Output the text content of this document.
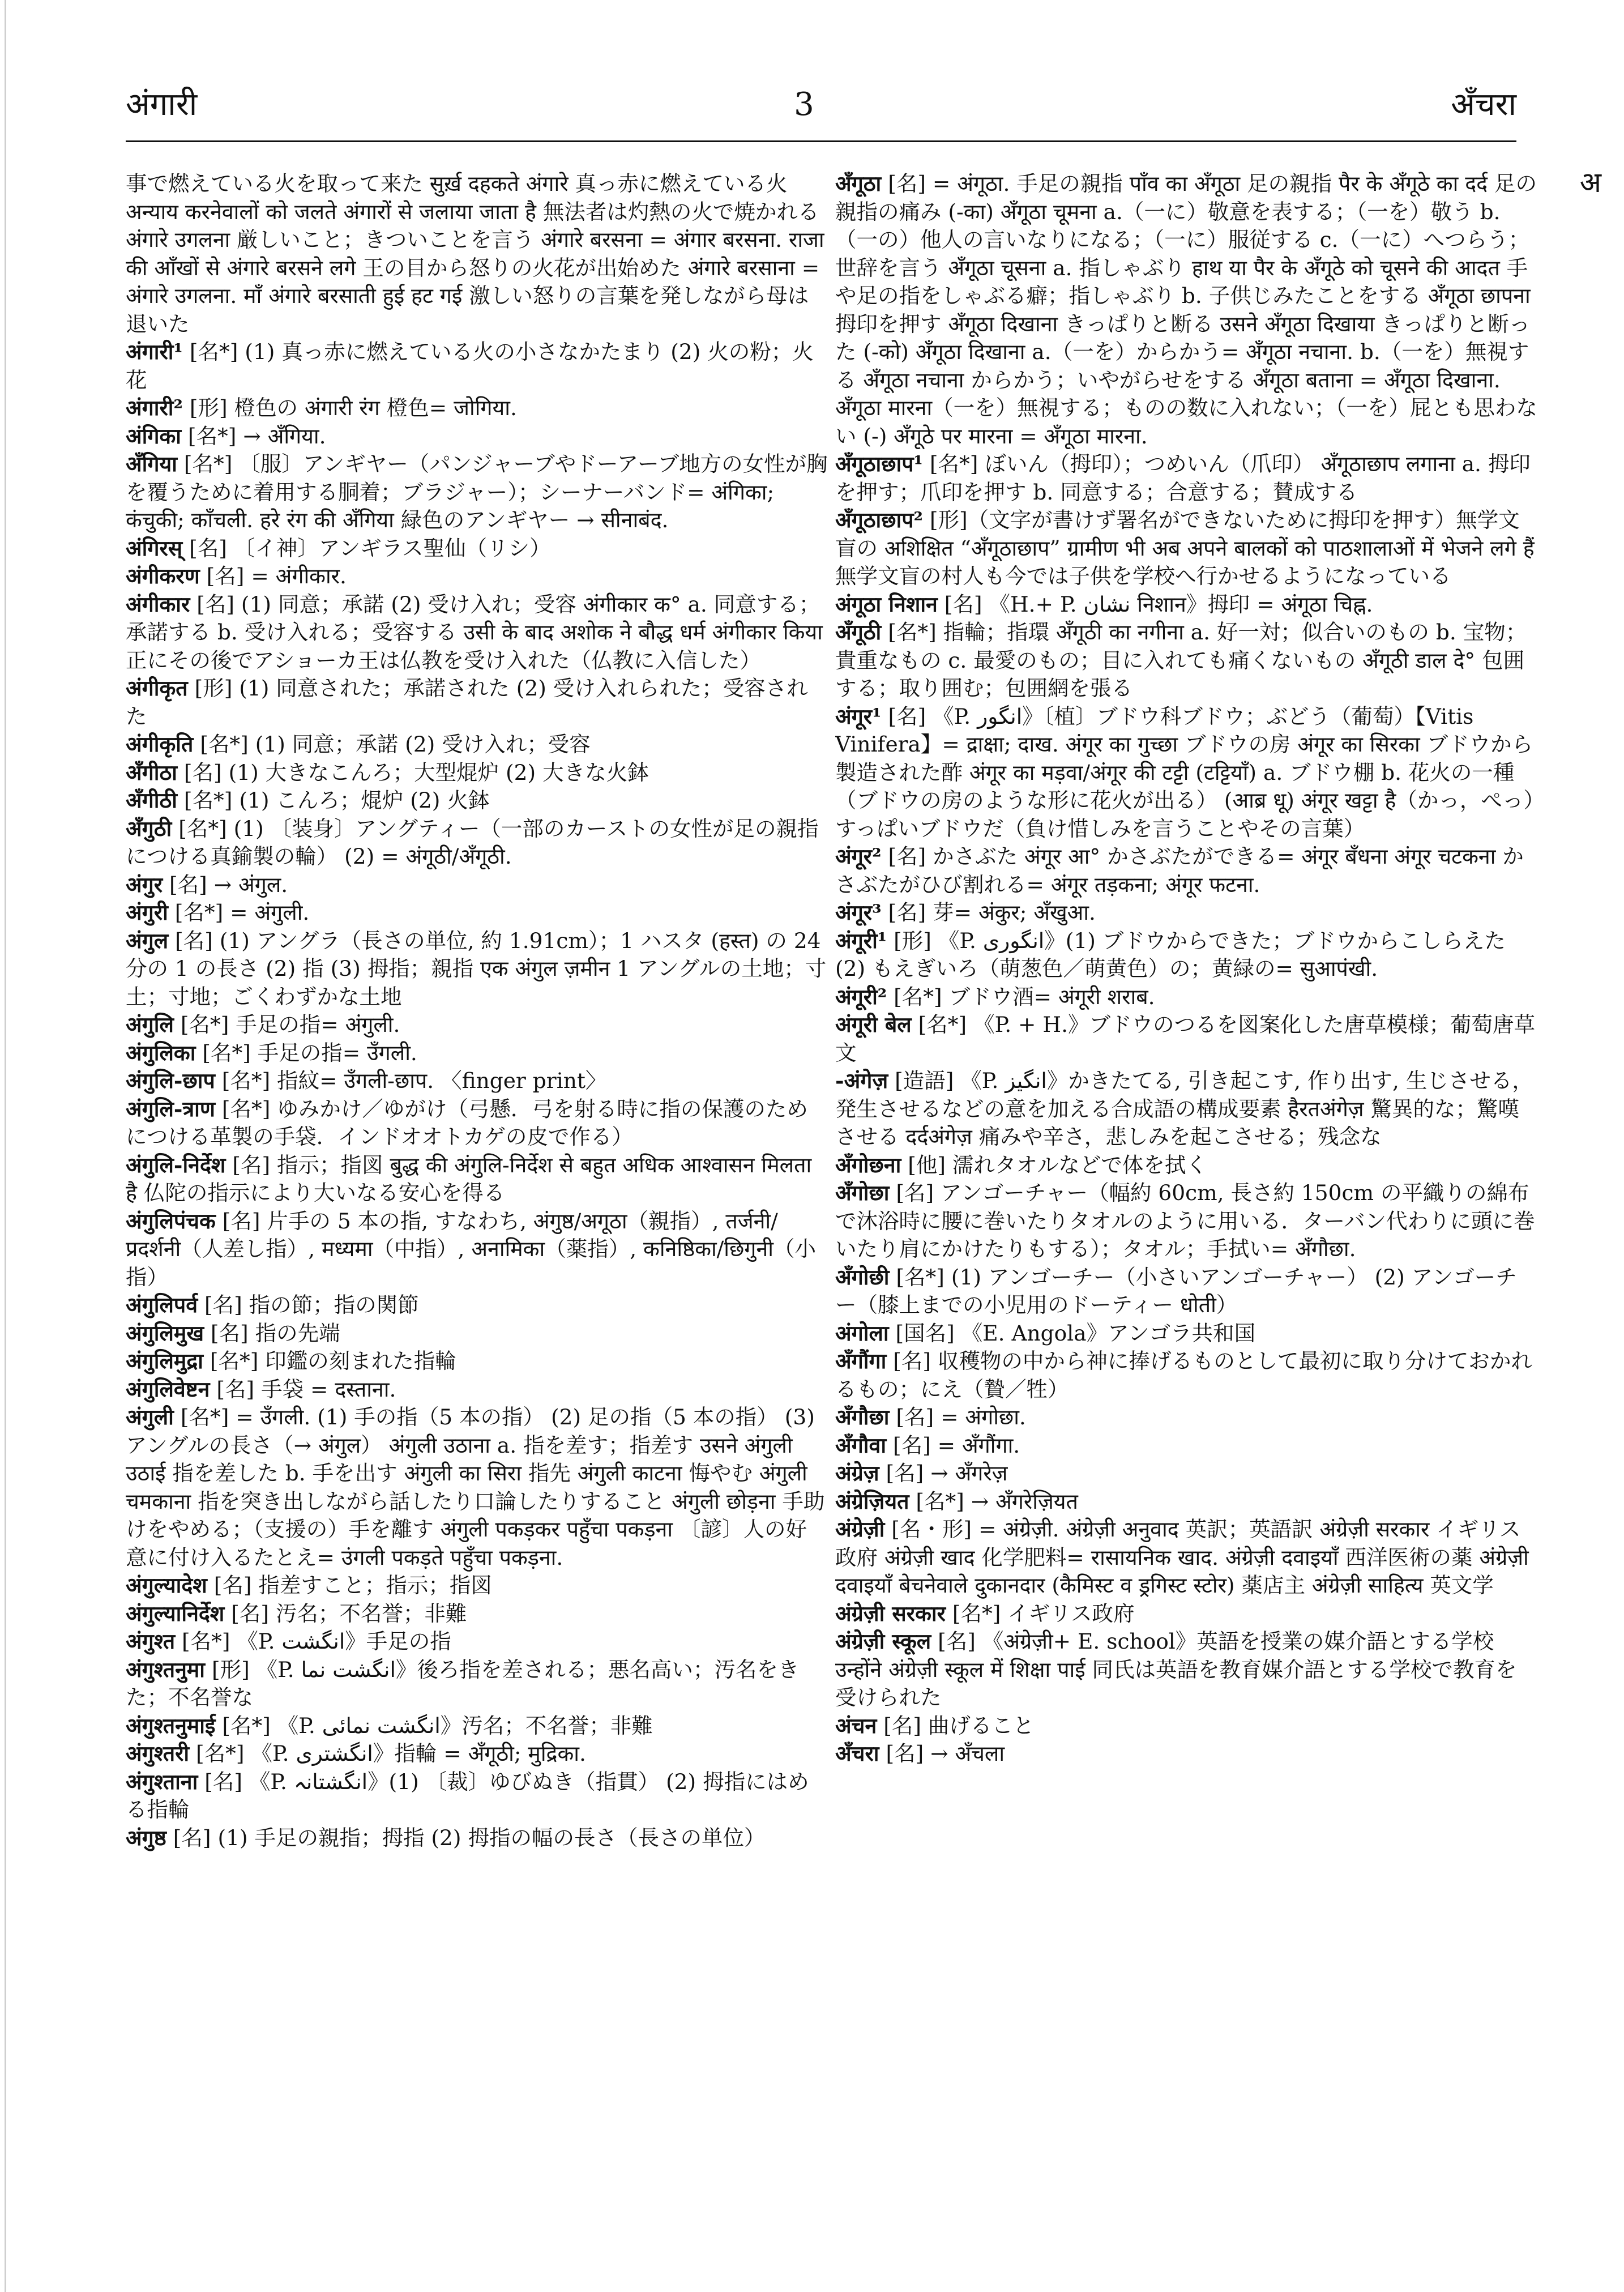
अंगारी	3	अँचरा
अ

事で燃えている火を取って来た सुर्ख़ दहकते अंगारे 真っ赤に燃えている火 अन्याय करनेवालों को जलते अंगारों से जलाया जाता है 無法者は灼熱の火で焼かれる अंगारे उगलना 厳しいこと；きついことを言う अंगारे बरसना = अंगार बरसना. राजा की आँखों से अंगारे बरसने लगे 王の目から怒りの火花が出始めた अंगारे बरसाना = अंगारे उगलना. माँ अंगारे बरसाती हुई हट गई 激しい怒りの言葉を発しながら母は退いた

अंगारी¹ [名*] (1) 真っ赤に燃えている火の小さなかたまり (2) 火の粉；火花

अंगारी² [形] 橙色の अंगारी रंग 橙色= जोगिया.

अंगिका [名*] → अँगिया.

अँगिया [名*] 〔服〕アンギヤー（パンジャーブやドーアーブ地方の女性が胸を覆うために着用する胴着；ブラジャー）；シーナーバンド= अंगिका; कंचुकी; काँचली. हरे रंग की अँगिया 緑色のアンギヤー → सीनाबंद.

अंगिरस् [名] 〔イ神〕アンギラス聖仙（リシ）

अंगीकरण [名] = अंगीकार.

अंगीकार [名] (1) 同意；承諾 (2) 受け入れ；受容 अंगीकार क° a. 同意する；承諾する b. 受け入れる；受容する उसी के बाद अशोक ने बौद्ध धर्म अंगीकार किया 正にその後でアショーカ王は仏教を受け入れた（仏教に入信した）

अंगीकृत [形] (1) 同意された；承諾された (2) 受け入れられた；受容された

अंगीकृति [名*] (1) 同意；承諾 (2) 受け入れ；受容

अँगीठा [名] (1) 大きなこんろ；大型焜炉 (2) 大きな火鉢

अँगीठी [名*] (1) こんろ；焜炉 (2) 火鉢

अँगुठी [名*] (1) 〔装身〕アングティー（一部のカーストの女性が足の親指につける真鍮製の輪） (2) = अंगूठी/अँगूठी.

अंगुर [名] → अंगुल.

अंगुरी [名*] = अंगुली.

अंगुल [名] (1) アングラ（長さの単位, 約 1.91cm）；1 ハスタ (हस्त) の 24 分の 1 の長さ (2) 指 (3) 拇指；親指 एक अंगुल ज़मीन 1 アングルの土地；寸土；寸地；ごくわずかな土地

अंगुलि [名*] 手足の指= अंगुली.

अंगुलिका [名*] 手足の指= उँगली.

अंगुलि-छाप [名*] 指紋= उँगली-छाप. 〈finger print〉

अंगुलि-त्राण [名*] ゆみかけ／ゆがけ（弓懸．弓を射る時に指の保護のためにつける革製の手袋．インドオオトカゲの皮で作る）

अंगुलि-निर्देश [名] 指示；指図 बुद्ध की अंगुलि-निर्देश से बहुत अधिक आश्वासन मिलता है 仏陀の指示により大いなる安心を得る

अंगुलिपंचक [名] 片手の 5 本の指, すなわち, अंगुष्ठ/अगूठा（親指）, तर्जनी/प्रदर्शनी（人差し指）, मध्यमा（中指）, अनामिका（薬指）, कनिष्ठिका/छिगुनी（小指）

अंगुलिपर्व [名] 指の節；指の関節

अंगुलिमुख [名] 指の先端

अंगुलिमुद्रा [名*] 印鑑の刻まれた指輪

अंगुलिवेष्टन [名] 手袋 = दस्ताना.

अंगुली [名*] = उँगली. (1) 手の指（5 本の指） (2) 足の指（5 本の指） (3) アングルの長さ（→ अंगुल） अंगुली उठाना a. 指を差す；指差す उसने अंगुली उठाई 指を差した b. 手を出す अंगुली का सिरा 指先 अंगुली काटना 悔やむ अंगुली चमकाना 指を突き出しながら話したり口論したりすること अंगुली छोड़ना 手助けをやめる；（支援の）手を離す अंगुली पकड़कर पहुँचा पकड़ना 〔諺〕人の好意に付け入るたとえ= उंगली पकड़ते पहुँचा पकड़ना.

अंगुल्यादेश [名] 指差すこと；指示；指図

अंगुल्यानिर्देश [名] 汚名；不名誉；非難

अंगुश्त [名*] 《P. انگشت》手足の指

अंगुश्तनुमा [形] 《P. انگشت نما》後ろ指を差される；悪名高い；汚名をきた；不名誉な

अंगुश्तनुमाई [名*] 《P. انگشت نمائی》汚名；不名誉；非難

अंगुश्तरी [名*] 《P. انگشتری》指輪 = अँगूठी; मुद्रिका.

अंगुश्ताना [名] 《P. انگشتانہ》(1) 〔裁〕ゆびぬき（指貫） (2) 拇指にはめる指輪

अंगुष्ठ [名] (1) 手足の親指；拇指 (2) 拇指の幅の長さ（長さの単位）

अँगूठा [名] = अंगूठा. 手足の親指 पाँव का अँगूठा 足の親指 पैर के अँगूठे का दर्द 足の親指の痛み (-का) अँगूठा चूमना a.（一に）敬意を表する；（一を）敬う b.（一の）他人の言いなりになる；（一に）服従する c.（一に）へつらう；世辞を言う अँगूठा चूसना a. 指しゃぶり हाथ या पैर के अँगूठे को चूसने की आदत 手や足の指をしゃぶる癖；指しゃぶり b. 子供じみたことをする अँगूठा छापना 拇印を押す अँगूठा दिखाना きっぱりと断る उसने अँगूठा दिखाया きっぱりと断った (-को) अँगूठा दिखाना a.（一を）からかう= अँगूठा नचाना. b.（一を）無視する अँगूठा नचाना からかう；いやがらせをする अँगूठा बताना = अँगूठा दिखाना. अँगूठा मारना（一を）無視する；ものの数に入れない；（一を）屁とも思わない (-) अँगूठे पर मारना = अँगूठा मारना.

अँगूठाछाप¹ [名*] ぼいん（拇印）；つめいん（爪印） अँगूठाछाप लगाना a. 拇印を押す；爪印を押す b. 同意する；合意する；賛成する

अँगूठाछाप² [形]（文字が書けず署名ができないために拇印を押す）無学文盲の अशिक्षित “अँगूठाछाप” ग्रामीण भी अब अपने बालकों को पाठशालाओं में भेजने लगे हैं 無学文盲の村人も今では子供を学校へ行かせるようになっている

अंगूठा निशान [名] 《H.+ P. نشان निशान》拇印 = अंगूठा चिह्न.

अँगूठी [名*] 指輪；指環 अँगूठी का नगीना a. 好一対；似合いのもの b. 宝物；貴重なもの c. 最愛のもの；目に入れても痛くないもの अँगूठी डाल दे° 包囲する；取り囲む；包囲網を張る

अंगूर¹ [名] 《P. انگور》〔植〕ブドウ科ブドウ；ぶどう（葡萄）【Vitis Vinifera】= द्राक्षा; दाख. अंगूर का गुच्छा ブドウの房 अंगूर का सिरका ブドウから製造された酢 अंगूर का मड़वा/अंगूर की टट्टी (टट्टियाँ) a. ブドウ棚 b. 花火の一種（ブドウの房のような形に花火が出る） (आब्र धू) अंगूर खट्टा है（かっ，ぺっ）すっぱいブドウだ（負け惜しみを言うことやその言葉）

अंगूर² [名] かさぶた अंगूर आ° かさぶたができる= अंगूर बँधना अंगूर चटकना かさぶたがひび割れる= अंगूर तड़कना; अंगूर फटना.

अंगूर³ [名] 芽= अंकुर; अँखुआ.

अंगूरी¹ [形] 《P. انگوری》(1) ブドウからできた；ブドウからこしらえた (2) もえぎいろ（萌葱色／萌黄色）の；黄緑の= सुआपंखी.

अंगूरी² [名*] ブドウ酒= अंगूरी शराब.

अंगूरी बेल [名*] 《P. + H.》ブドウのつるを図案化した唐草模様；葡萄唐草文

-अंगेज़ [造語] 《P. انگیز》かきたてる, 引き起こす, 作り出す, 生じさせる，発生させるなどの意を加える合成語の構成要素 हैरतअंगेज़ 驚異的な；驚嘆させる दर्दअंगेज़ 痛みや辛さ，悲しみを起こさせる；残念な

अँगोछना [他] 濡れタオルなどで体を拭く

अँगोछा [名] アンゴーチャー（幅約 60cm, 長さ約 150cm の平織りの綿布で沐浴時に腰に巻いたりタオルのように用いる．ターバン代わりに頭に巻いたり肩にかけたりもする）；タオル；手拭い= अँगौछा.

अँगोछी [名*] (1) アンゴーチー（小さいアンゴーチャー） (2) アンゴーチー（膝上までの小児用のドーティー धोती）

अंगोला [国名] 《E. Angola》アンゴラ共和国

अँगौंगा [名] 収穫物の中から神に捧げるものとして最初に取り分けておかれるもの；にえ（贄／牲）

अँगौछा [名] = अंगोछा.

अँगौवा [名] = अँगौंगा.

अंग्रेज़ [名] → अँगरेज़

अंग्रेज़ियत [名*] → अँगरेज़ियत

अंग्रेज़ी [名・形] = अंग्रेज़ी. अंग्रेज़ी अनुवाद 英訳；英語訳 अंग्रेज़ी सरकार イギリス政府 अंग्रेज़ी खाद 化学肥料= रासायनिक खाद. अंग्रेज़ी दवाइयाँ 西洋医術の薬 अंग्रेज़ी दवाइयाँ बेचनेवाले दुकानदार (कैमिस्ट व ड्रगिस्ट स्टोर) 薬店主 अंग्रेज़ी साहित्य 英文学

अंग्रेज़ी सरकार [名*] イギリス政府

अंग्रेज़ी स्कूल [名] 《अंग्रेज़ी+ E. school》英語を授業の媒介語とする学校 उन्होंने अंग्रेज़ी स्कूल में शिक्षा पाई 同氏は英語を教育媒介語とする学校で教育を受けられた

अंचन [名] 曲げること

अँचरा [名] → अँचला
